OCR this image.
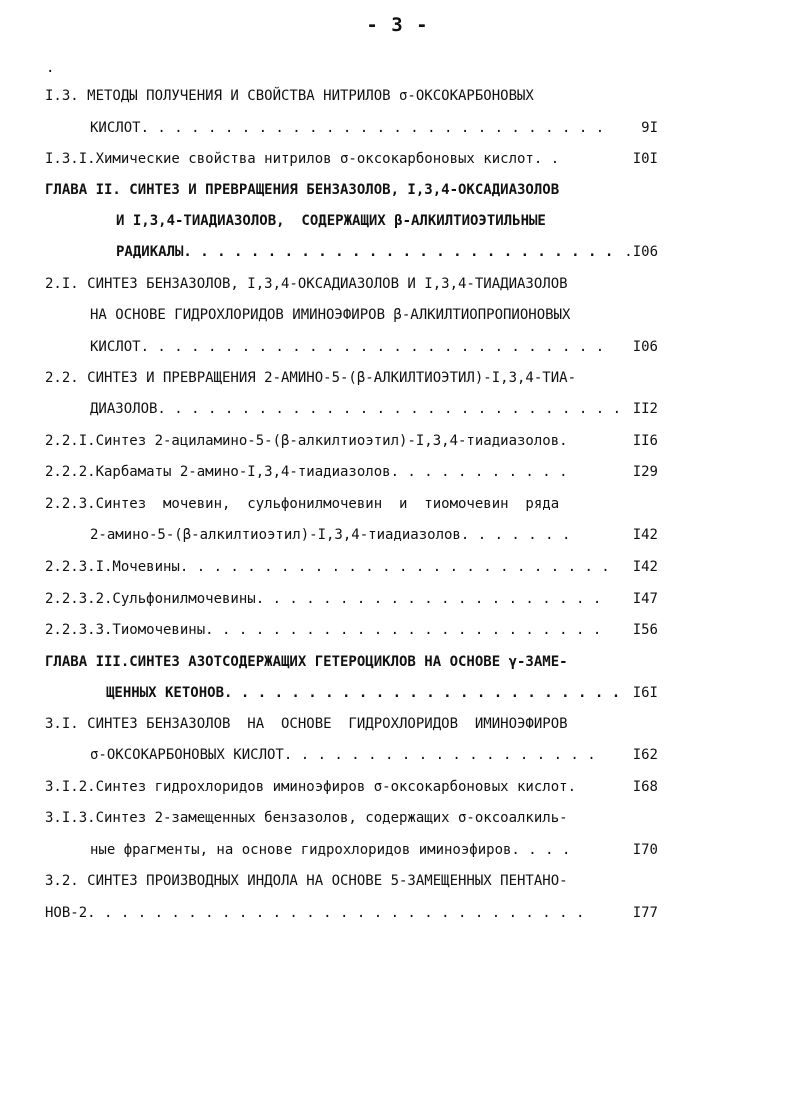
- 3 -
.
I.3. МЕТОДЫ ПОЛУЧЕНИЯ И СВОЙСТВА НИТРИЛОВ σ-ОКСОКАРБОНОВЫХ
КИСЛОТ. . . . . . . . . . . . . . . . . . . . . . . . . . . .	9I
I.3.I.Химические свойства нитрилов σ-оксокарбоновых кислот. .	I0I
ГЛАВА II. СИНТЕЗ И ПРЕВРАЩЕНИЯ БЕНЗАЗОЛОВ, I,3,4-ОКСАДИАЗОЛОВ
И I,3,4-ТИАДИАЗОЛОВ,  СОДЕРЖАЩИХ β-АЛКИЛТИОЭТИЛЬНЫЕ
РАДИКАЛЫ. . . . . . . . . . . . . . . . . . . . . . . . . . .I06
2.I. СИНТЕЗ БЕНЗАЗОЛОВ, I,3,4-ОКСАДИАЗОЛОВ И I,3,4-ТИАДИАЗОЛОВ
НА ОСНОВЕ ГИДРОХЛОРИДОВ ИМИНОЭФИРОВ β-АЛКИЛТИОПРОПИОНОВЫХ
КИСЛОТ. . . . . . . . . . . . . . . . . . . . . . . . . . . . I06
2.2. СИНТЕЗ И ПРЕВРАЩЕНИЯ 2-АМИНО-5-(β-АЛКИЛТИОЭТИЛ)-I,3,4-ТИА-
ДИАЗОЛОВ. . . . . . . . . . . . . . . . . . . . . . . . . . . . II2
2.2.I.Синтез 2-ациламино-5-(β-алкилтиоэтил)-I,3,4-тиадиазолов.	II6
2.2.2.Карбаматы 2-амино-I,3,4-тиадиазолов. . . . . . . . . . .	I29
2.2.3.Синтез  мочевин,  сульфонилмочевин  и  тиомочевин  ряда
2-амино-5-(β-алкилтиоэтил)-I,3,4-тиадиазолов. . . . . . .	I42
2.2.3.I.Мочевины. . . . . . . . . . . . . . . . . . . . . . . . . . I42
2.2.3.2.Сульфонилмочевины. . . . . . . . . . . . . . . . . . . . . I47
2.2.3.3.Тиомочевины. . . . . . . . . . . . . . . . . . . . . . . . I56
ГЛАВА III.СИНТЕЗ АЗОТСОДЕРЖАЩИХ ГЕТЕРОЦИКЛОВ НА ОСНОВЕ γ-ЗАМЕ-
ЩЕННЫХ КЕТОНОВ. . . . . . . . . . . . . . . . . . . . . . . . I6I
3.I. СИНТЕЗ БЕНЗАЗОЛОВ  НА  ОСНОВЕ  ГИДРОХЛОРИДОВ  ИМИНОЭФИРОВ
σ-ОКСОКАРБОНОВЫХ КИСЛОТ. . . . . . . . . . . . . . . . . . .	I62
3.I.2.Синтез гидрохлоридов иминоэфиров σ-оксокарбоновых кислот.	I68
3.I.3.Синтез 2-замещенных бензазолов, содержащих σ-оксоалкиль-
ные фрагменты, на основе гидрохлоридов иминоэфиров. . . .	I70
3.2. СИНТЕЗ ПРОИЗВОДНЫХ ИНДОЛА НА ОСНОВЕ 5-ЗАМЕЩЕННЫХ ПЕНТАНО-
НОВ-2. . . . . . . . . . . . . . . . . . . . . . . . . . . . . .	I77
